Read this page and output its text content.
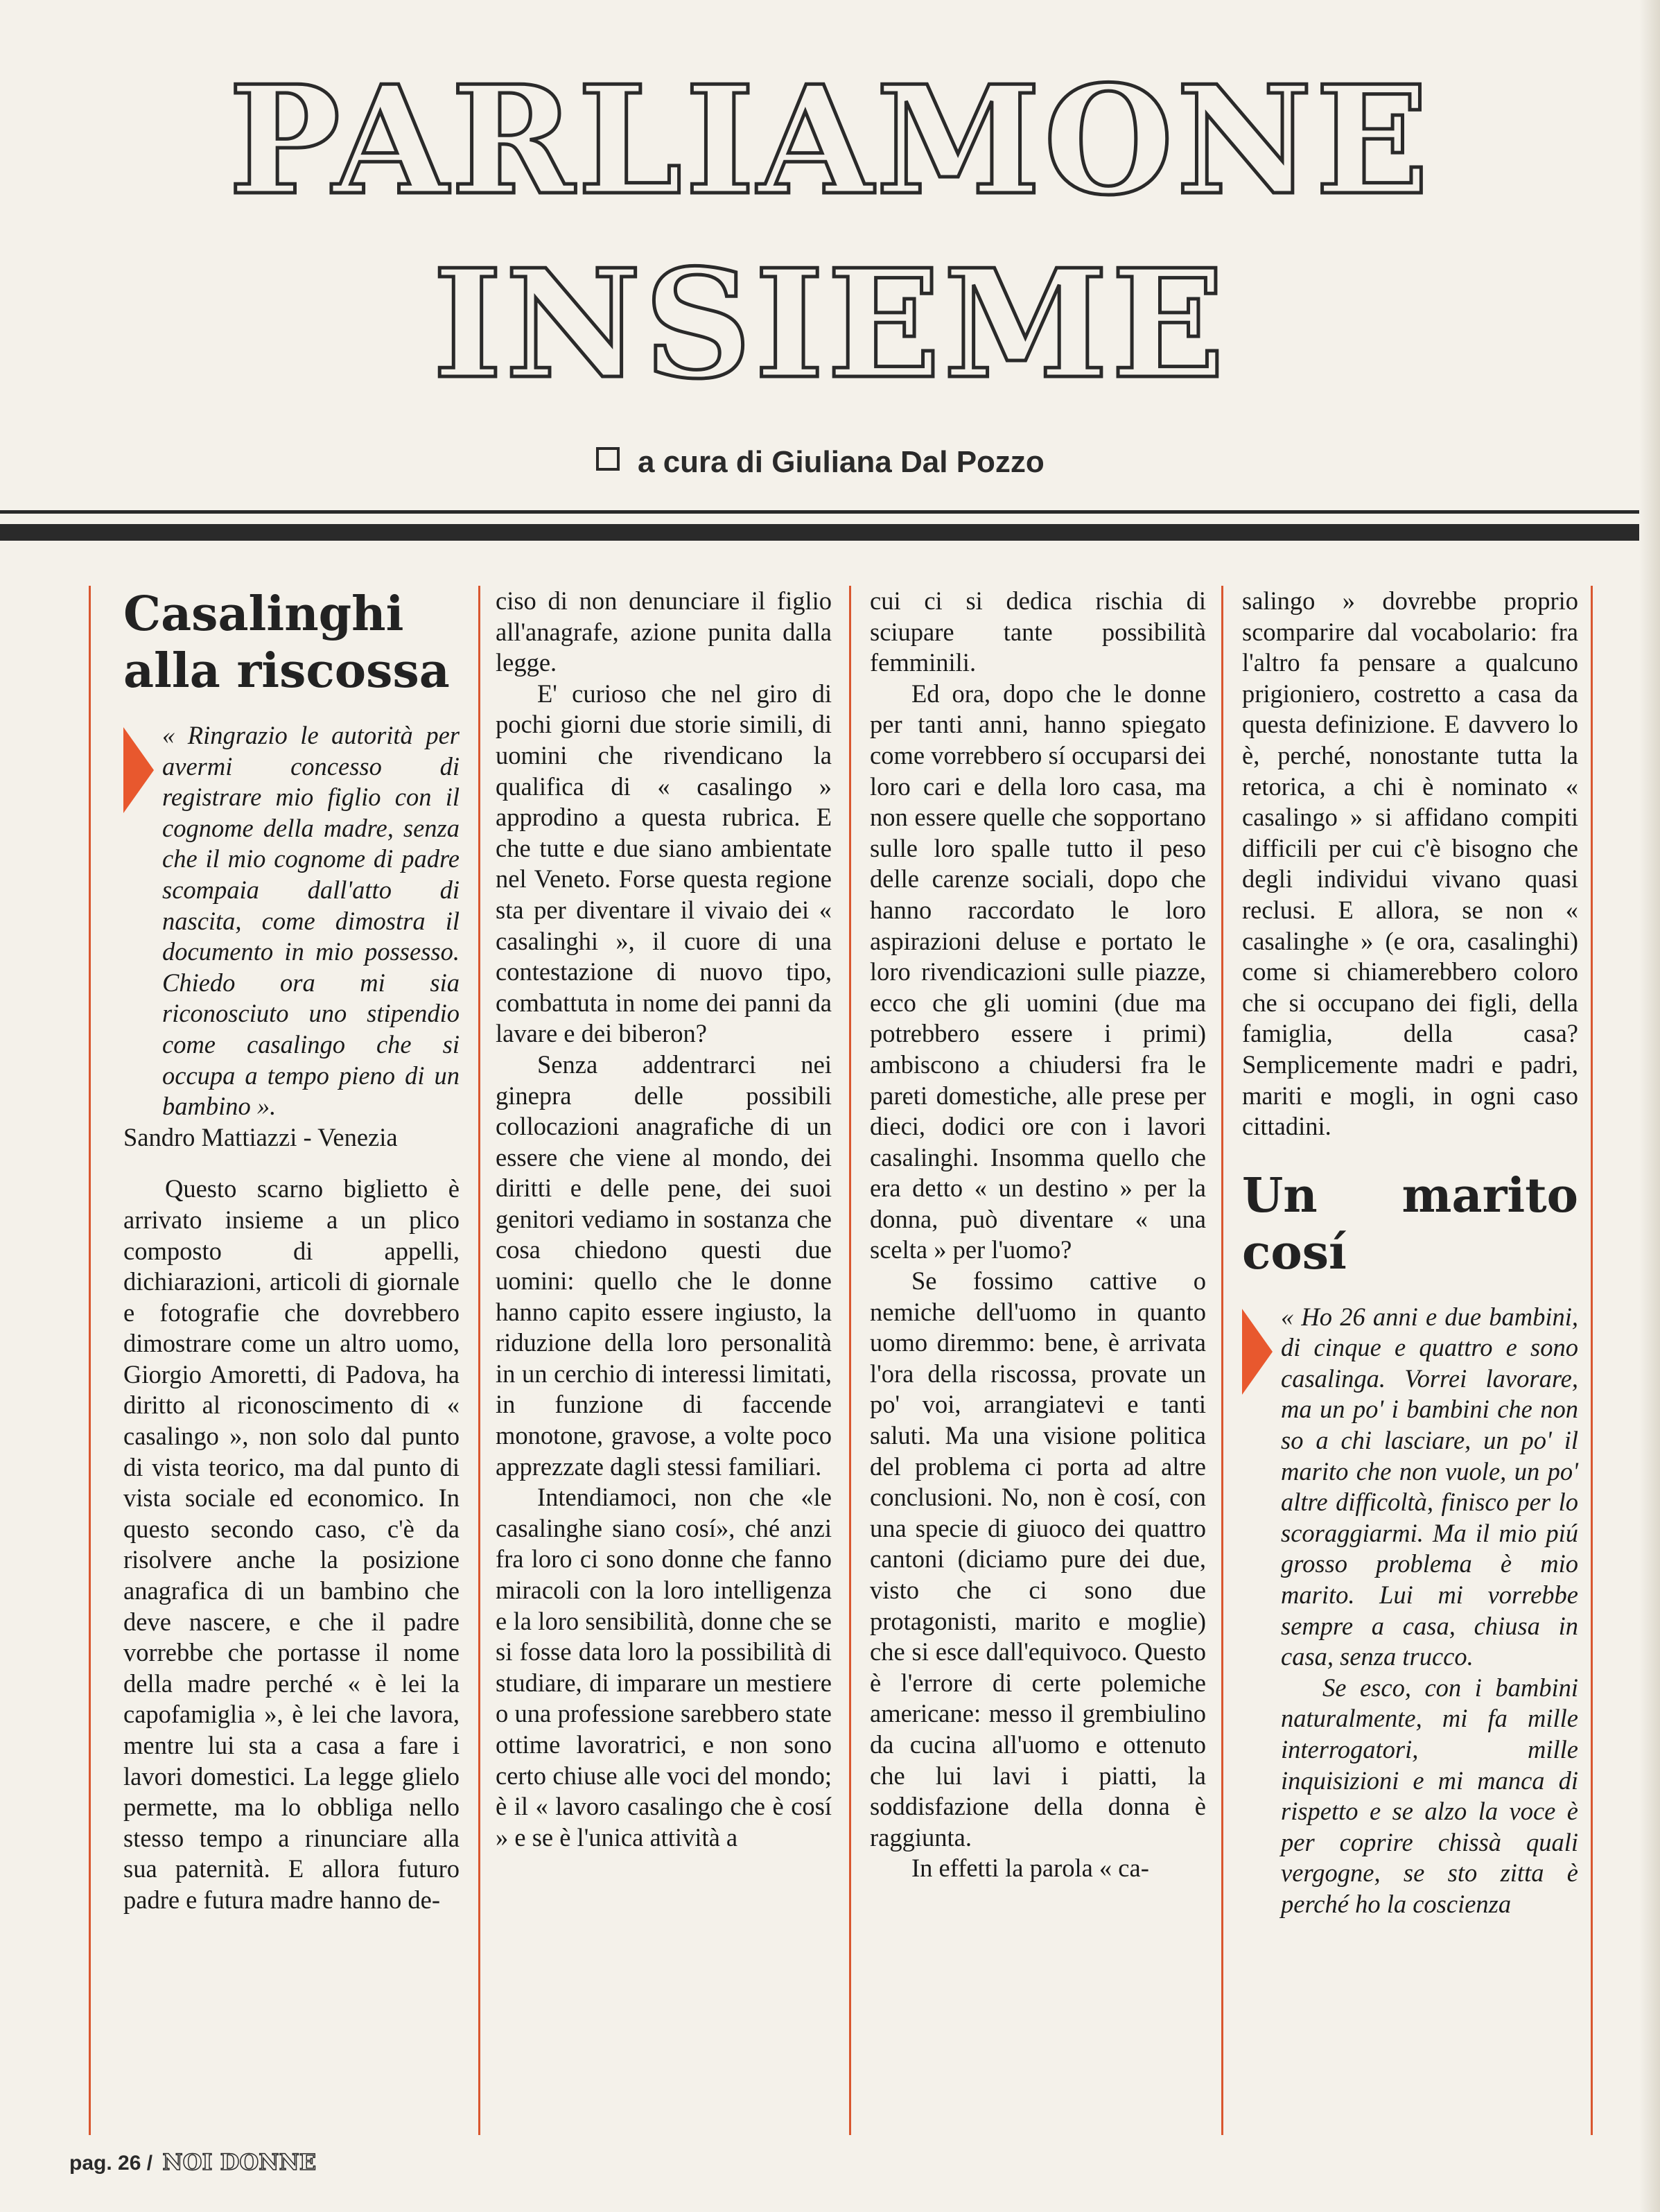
PARLIAMONE
INSIEME
a cura di Giuliana Dal Pozzo
Casalinghi alla riscossa

« Ringrazio le autorità per avermi concesso di registrare mio figlio con il cognome della madre, senza che il mio cognome di padre scompaia dall'atto di nascita, come dimostra il documento in mio possesso. Chiedo ora mi sia riconosciuto uno stipendio come casalingo che si occupa a tempo pieno di un bambino ».

Sandro Mattiazzi - Venezia

Questo scarno biglietto è arrivato insieme a un plico composto di appelli, dichiarazioni, articoli di giornale e fotografie che dovrebbero dimostrare come un altro uomo, Giorgio Amoretti, di Padova, ha diritto al riconoscimento di « casalingo », non solo dal punto di vista teorico, ma dal punto di vista sociale ed economico. In questo secondo caso, c'è da risolvere anche la posizione anagrafica di un bambino che deve nascere, e che il padre vorrebbe che portasse il nome della madre perché « è lei la capofamiglia », è lei che lavora, mentre lui sta a casa a fare i lavori domestici. La legge glielo permette, ma lo obbliga nello stesso tempo a rinunciare alla sua paternità. E allora futuro padre e futura madre hanno de-

ciso di non denunciare il figlio all'anagrafe, azione punita dalla legge.

E' curioso che nel giro di pochi giorni due storie simili, di uomini che rivendicano la qualifica di « casalingo » approdino a questa rubrica. E che tutte e due siano ambientate nel Veneto. Forse questa regione sta per diventare il vivaio dei « casalinghi », il cuore di una contestazione di nuovo tipo, combattuta in nome dei panni da lavare e dei biberon?

Senza addentrarci nei ginepra delle possibili collocazioni anagrafiche di un essere che viene al mondo, dei diritti e delle pene, dei suoi genitori vediamo in sostanza che cosa chiedono questi due uomini: quello che le donne hanno capito essere ingiusto, la riduzione della loro personalità in un cerchio di interessi limitati, in funzione di faccende monotone, gravose, a volte poco apprezzate dagli stessi familiari.

Intendiamoci, non che «le casalinghe siano cosí», ché anzi fra loro ci sono donne che fanno miracoli con la loro intelligenza e la loro sensibilità, donne che se si fosse data loro la possibilità di studiare, di imparare un mestiere o una professione sarebbero state ottime lavoratrici, e non sono certo chiuse alle voci del mondo; è il « lavoro casalingo che è cosí » e se è l'unica attività a

cui ci si dedica rischia di sciupare tante possibilità femminili.

Ed ora, dopo che le donne per tanti anni, hanno spiegato come vorrebbero sí occuparsi dei loro cari e della loro casa, ma non essere quelle che sopportano sulle loro spalle tutto il peso delle carenze sociali, dopo che hanno raccordato le loro aspirazioni deluse e portato le loro rivendicazioni sulle piazze, ecco che gli uomini (due ma potrebbero essere i primi) ambiscono a chiudersi fra le pareti domestiche, alle prese per dieci, dodici ore con i lavori casalinghi. Insomma quello che era detto « un destino » per la donna, può diventare « una scelta » per l'uomo?

Se fossimo cattive o nemiche dell'uomo in quanto uomo diremmo: bene, è arrivata l'ora della riscossa, provate un po' voi, arrangiatevi e tanti saluti. Ma una visione politica del problema ci porta ad altre conclusioni. No, non è cosí, con una specie di giuoco dei quattro cantoni (diciamo pure dei due, visto che ci sono due protagonisti, marito e moglie) che si esce dall'equivoco. Questo è l'errore di certe polemiche americane: messo il grembiulino da cucina all'uomo e ottenuto che lui lavi i piatti, la soddisfazione della donna è raggiunta.

In effetti la parola « ca-

salingo » dovrebbe proprio scomparire dal vocabolario: fra l'altro fa pensare a qualcuno prigioniero, costretto a casa da questa definizione. E davvero lo è, perché, nonostante tutta la retorica, a chi è nominato « casalingo » si affidano compiti difficili per cui c'è bisogno che degli individui vivano quasi reclusi. E allora, se non « casalinghe » (e ora, casalinghi) come si chiamerebbero coloro che si occupano dei figli, della famiglia, della casa? Semplicemente madri e padri, mariti e mogli, in ogni caso cittadini.

Un marito cosí

« Ho 26 anni e due bambini, di cinque e quattro e sono casalinga. Vorrei lavorare, ma un po' i bambini che non so a chi lasciare, un po' il marito che non vuole, un po' altre difficoltà, finisco per lo scoraggiarmi. Ma il mio piú grosso problema è mio marito. Lui mi vorrebbe sempre a casa, chiusa in casa, senza trucco.

Se esco, con i bambini naturalmente, mi fa mille interrogatori, mille inquisizioni e mi manca di rispetto e se alzo la voce è per coprire chissà quali vergogne, se sto zitta è perché ho la coscienza

pag. 26 / NOI DONNE
